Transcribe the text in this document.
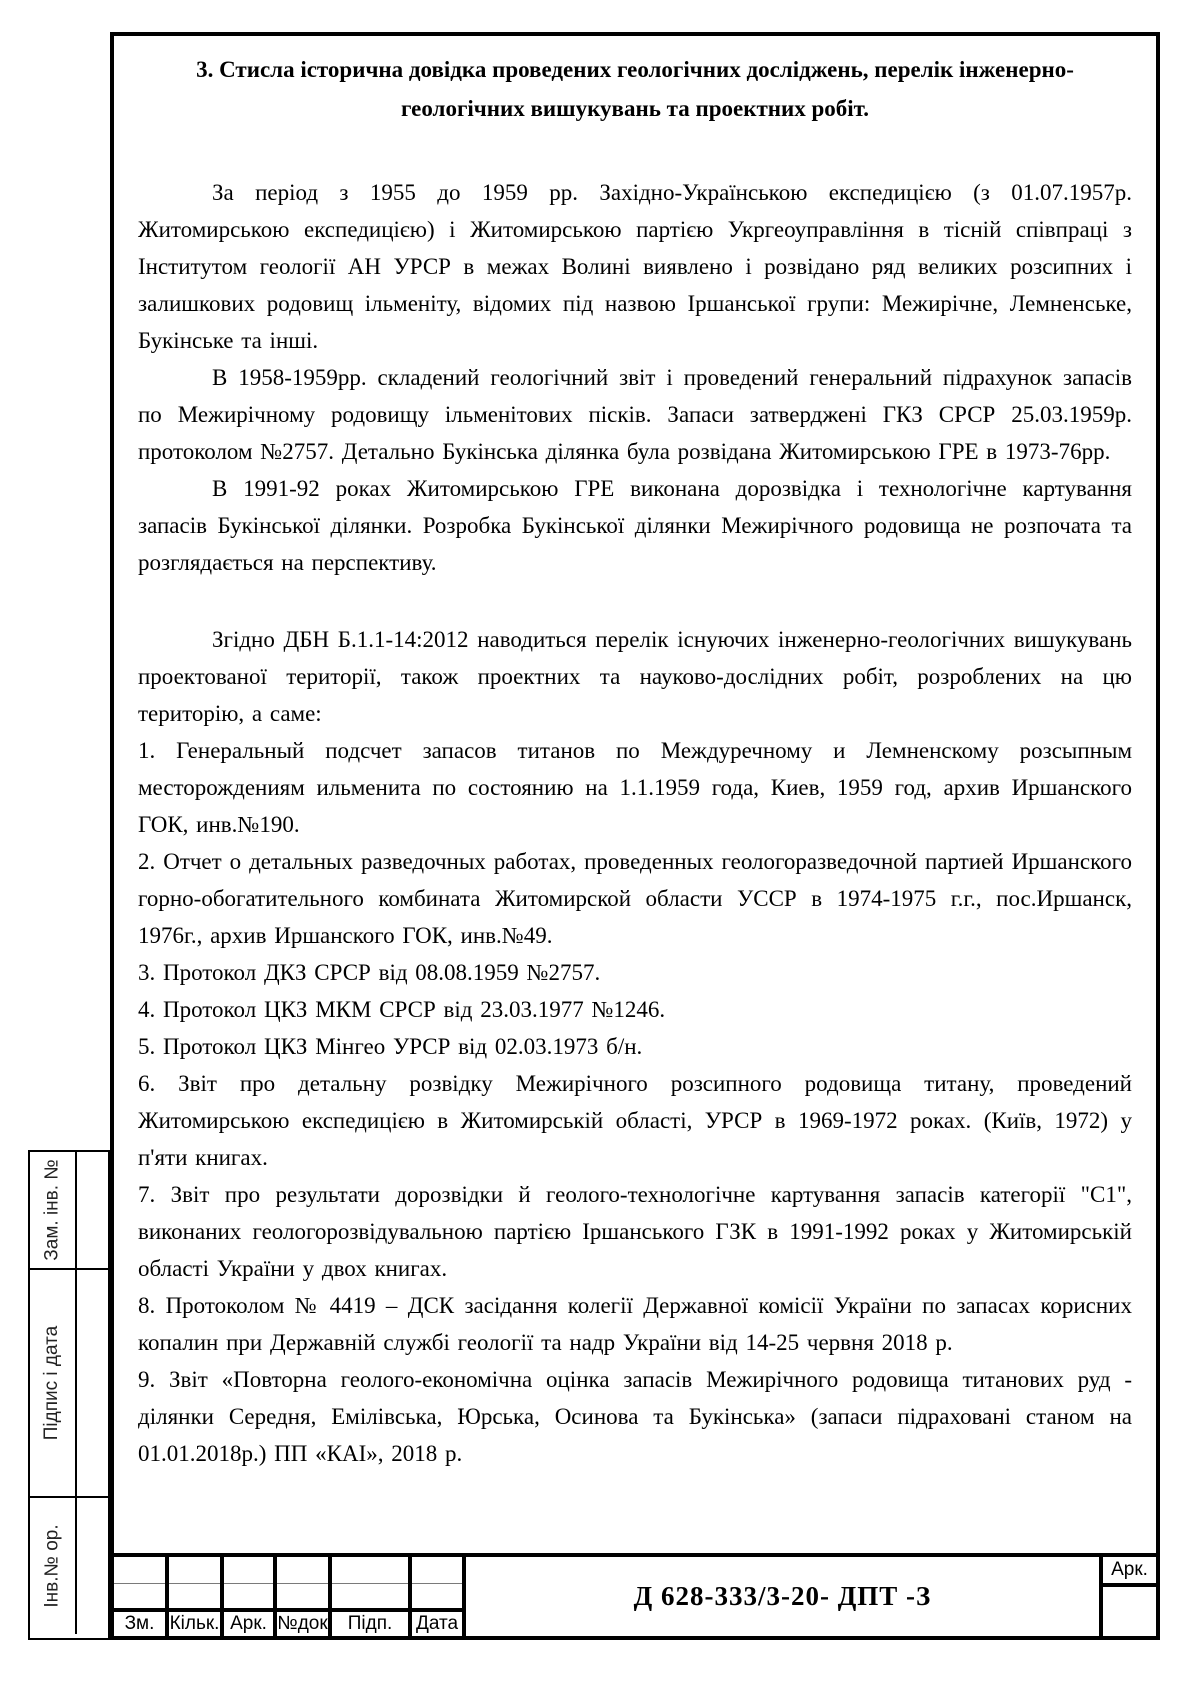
Зам. інв. №
Підпис і дата
Інв.№ ор.
3. Стисла історична довідка проведених геологічних досліджень, перелік інженерно-геологічних вишукувань та проектних робіт.

За період з 1955 до 1959 рр. Західно-Українською експедицією (з 01.07.1957р. Житомирською експедицією) і Житомирською партією Укргеоуправління в тісній співпраці з Інститутом геології АН УРСР в межах Волині виявлено і розвідано ряд великих розсипних і залишкових родовищ ільменіту, відомих під назвою Іршанської групи: Межирічне, Лемненське, Букінське та інші.

В 1958-1959рр. складений геологічний звіт і проведений генеральний підрахунок запасів по Межирічному родовищу ільменітових пісків. Запаси затверджені ГКЗ СРСР 25.03.1959р. протоколом №2757. Детально Букінська ділянка була розвідана Житомирською ГРЕ в 1973-76рр.

В 1991-92 роках Житомирською ГРЕ виконана дорозвідка і технологічне картування запасів Букінської ділянки. Розробка Букінської ділянки Межирічного родовища не розпочата та розглядається на перспективу.

Згідно ДБН Б.1.1-14:2012 наводиться перелік існуючих інженерно-геологічних вишукувань проектованої території, також проектних та науково-дослідних робіт, розроблених на цю територію, а саме:

1. Генеральный подсчет запасов титанов по Междуречному и Лемненскому розсыпным месторождениям ильменита по состоянию на 1.1.1959 года, Киев, 1959 год, архив Иршанского ГОК, инв.№190.

2. Отчет о детальных разведочных работах, проведенных геологоразведочной партией Иршанского горно-обогатительного комбината Житомирской области УССР в 1974-1975 г.г., пос.Иршанск, 1976г., архив Иршанского ГОК, инв.№49.

3. Протокол ДКЗ СРСР від 08.08.1959 №2757.

4. Протокол ЦКЗ МКМ СРСР від 23.03.1977 №1246.

5. Протокол ЦКЗ Мінгео УРСР від 02.03.1973 б/н.

6. Звіт про детальну розвідку Межирічного розсипного родовища титану, проведений Житомирською експедицією в Житомирській області, УРСР в 1969-1972 роках. (Київ, 1972) у п'яти книгах.

7. Звіт про результати дорозвідки й геолого-технологічне картування запасів категорії "С1", виконаних геологорозвідувальною партією Іршанського ГЗК в 1991-1992 роках у Житомирській області України у двох книгах.

8. Протоколом № 4419 – ДСК засідання колегії Державної комісії України по запасах корисних копалин при Державній службі геології та надр України від 14-25 червня 2018 р.

9. Звіт «Повторна геолого-економічна оцінка запасів Межирічного родовища титанових руд - ділянки Середня, Емілівська, Юрська, Осинова та Букінська» (запаси підраховані станом на 01.01.2018р.) ПП «КАІ», 2018 р.

Зм. Кільк. Арк. №док	Підп.	Дата
Д 628-333/3-20- ДПТ -З
Арк.
